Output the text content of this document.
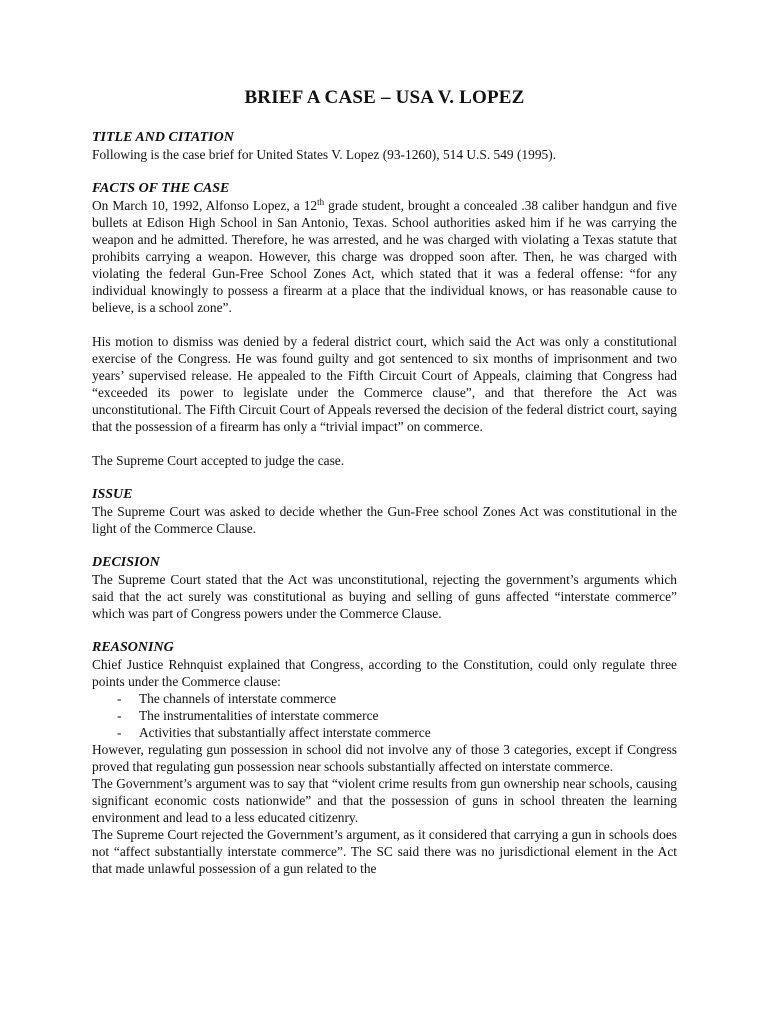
BRIEF A CASE – USA V. LOPEZ
TITLE AND CITATION

Following is the case brief for United States V. Lopez (93-1260), 514 U.S. 549 (1995).

FACTS OF THE CASE

On March 10, 1992, Alfonso Lopez, a 12th grade student, brought a concealed .38 caliber handgun and five bullets at Edison High School in San Antonio, Texas. School authorities asked him if he was carrying the weapon and he admitted. Therefore, he was arrested, and he was charged with violating a Texas statute that prohibits carrying a weapon. However, this charge was dropped soon after. Then, he was charged with violating the federal Gun-Free School Zones Act, which stated that it was a federal offense: “for any individual knowingly to possess a firearm at a place that the individual knows, or has reasonable cause to believe, is a school zone”.

His motion to dismiss was denied by a federal district court, which said the Act was only a constitutional exercise of the Congress. He was found guilty and got sentenced to six months of imprisonment and two years’ supervised release. He appealed to the Fifth Circuit Court of Appeals, claiming that Congress had “exceeded its power to legislate under the Commerce clause”, and that therefore the Act was unconstitutional. The Fifth Circuit Court of Appeals reversed the decision of the federal district court, saying that the possession of a firearm has only a “trivial impact” on commerce.

The Supreme Court accepted to judge the case.

ISSUE

The Supreme Court was asked to decide whether the Gun-Free school Zones Act was constitutional in the light of the Commerce Clause.

DECISION

The Supreme Court stated that the Act was unconstitutional, rejecting the government’s arguments which said that the act surely was constitutional as buying and selling of guns affected “interstate commerce” which was part of Congress powers under the Commerce Clause.

REASONING

Chief Justice Rehnquist explained that Congress, according to the Constitution, could only regulate three points under the Commerce clause:

-	The channels of interstate commerce
-	The instrumentalities of interstate commerce
-	Activities that substantially affect interstate commerce

However, regulating gun possession in school did not involve any of those 3 categories, except if Congress proved that regulating gun possession near schools substantially affected on interstate commerce.

The Government’s argument was to say that “violent crime results from gun ownership near schools, causing significant economic costs nationwide” and that the possession of guns in school threaten the learning environment and lead to a less educated citizenry.

The Supreme Court rejected the Government’s argument, as it considered that carrying a gun in schools does not “affect substantially interstate commerce”. The SC said there was no jurisdictional element in the Act that made unlawful possession of a gun related to the
